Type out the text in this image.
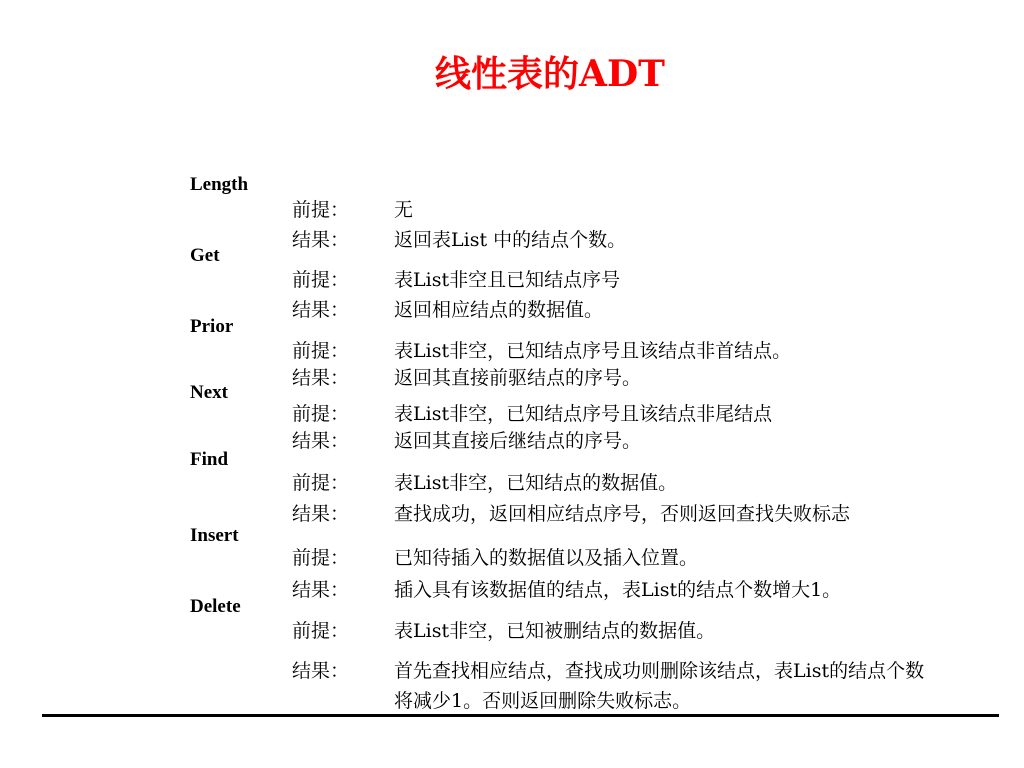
线性表的ADT
Length
前提： 无
结果： 返回表List 中的结点个数。
Get
前提： 表List非空且已知结点序号
结果： 返回相应结点的数据值。
Prior
前提： 表List非空，已知结点序号且该结点非首结点。
结果： 返回其直接前驱结点的序号。
Next
前提： 表List非空，已知结点序号且该结点非尾结点
结果： 返回其直接后继结点的序号。
Find
前提： 表List非空，已知结点的数据值。
结果： 查找成功，返回相应结点序号，否则返回查找失败标志
Insert
前提： 已知待插入的数据值以及插入位置。
结果： 插入具有该数据值的结点，表List的结点个数增大1。
Delete
前提： 表List非空，已知被删结点的数据值。
结果： 首先查找相应结点，查找成功则删除该结点，表List的结点个数将减少1。否则返回删除失败标志。
